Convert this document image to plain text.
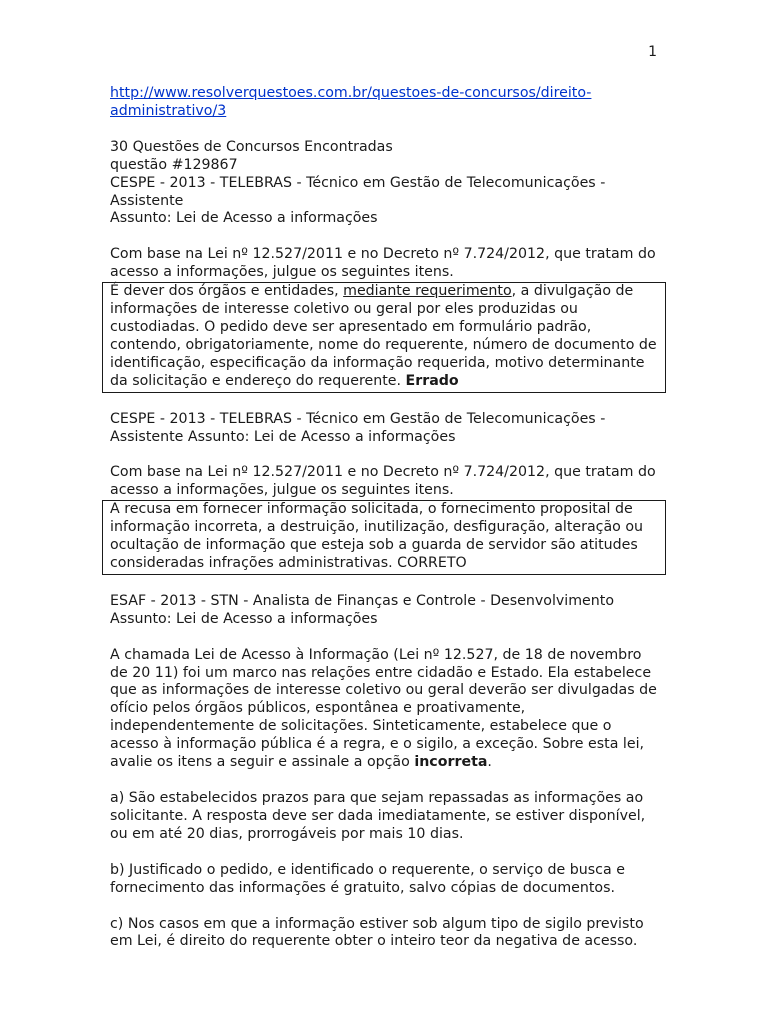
1

http://www.resolverquestoes.com.br/questoes-de-concursos/direito-administrativo/3

30 Questões de Concursos Encontradas

questão #129867

CESPE - 2013 - TELEBRAS - Técnico em Gestão de Telecomunicações - Assistente

Assunto: Lei de Acesso a informações

Com base na Lei nº 12.527/2011 e no Decreto nº 7.724/2012, que tratam do acesso a informações, julgue os seguintes itens.

É dever dos órgãos e entidades, mediante requerimento, a divulgação de informações de interesse coletivo ou geral por eles produzidas ou custodiadas. O pedido deve ser apresentado em formulário padrão, contendo, obrigatoriamente, nome do requerente, número de documento de identificação, especificação da informação requerida, motivo determinante da solicitação e endereço do requerente. Errado

CESPE - 2013 - TELEBRAS - Técnico em Gestão de Telecomunicações - Assistente Assunto: Lei de Acesso a informações

Com base na Lei nº 12.527/2011 e no Decreto nº 7.724/2012, que tratam do acesso a informações, julgue os seguintes itens.

A recusa em fornecer informação solicitada, o fornecimento proposital de informação incorreta, a destruição, inutilização, desfiguração, alteração ou ocultação de informação que esteja sob a guarda de servidor são atitudes consideradas infrações administrativas. CORRETO

ESAF - 2013 - STN - Analista de Finanças e Controle - Desenvolvimento

Assunto: Lei de Acesso a informações

A chamada Lei de Acesso à Informação (Lei nº 12.527, de 18 de novembro de 20 11) foi um marco nas relações entre cidadão e Estado. Ela estabelece que as informações de interesse coletivo ou geral deverão ser divulgadas de ofício pelos órgãos públicos, espontânea e proativamente, independentemente de solicitações. Sinteticamente, estabelece que o acesso à informação pública é a regra, e o sigilo, a exceção. Sobre esta lei, avalie os itens a seguir e assinale a opção incorreta.

a) São estabelecidos prazos para que sejam repassadas as informações ao solicitante. A resposta deve ser dada imediatamente, se estiver disponível, ou em até 20 dias, prorrogáveis por mais 10 dias.

b) Justificado o pedido, e identificado o requerente, o serviço de busca e fornecimento das informações é gratuito, salvo cópias de documentos.

c) Nos casos em que a informação estiver sob algum tipo de sigilo previsto em Lei, é direito do requerente obter o inteiro teor da negativa de acesso.
